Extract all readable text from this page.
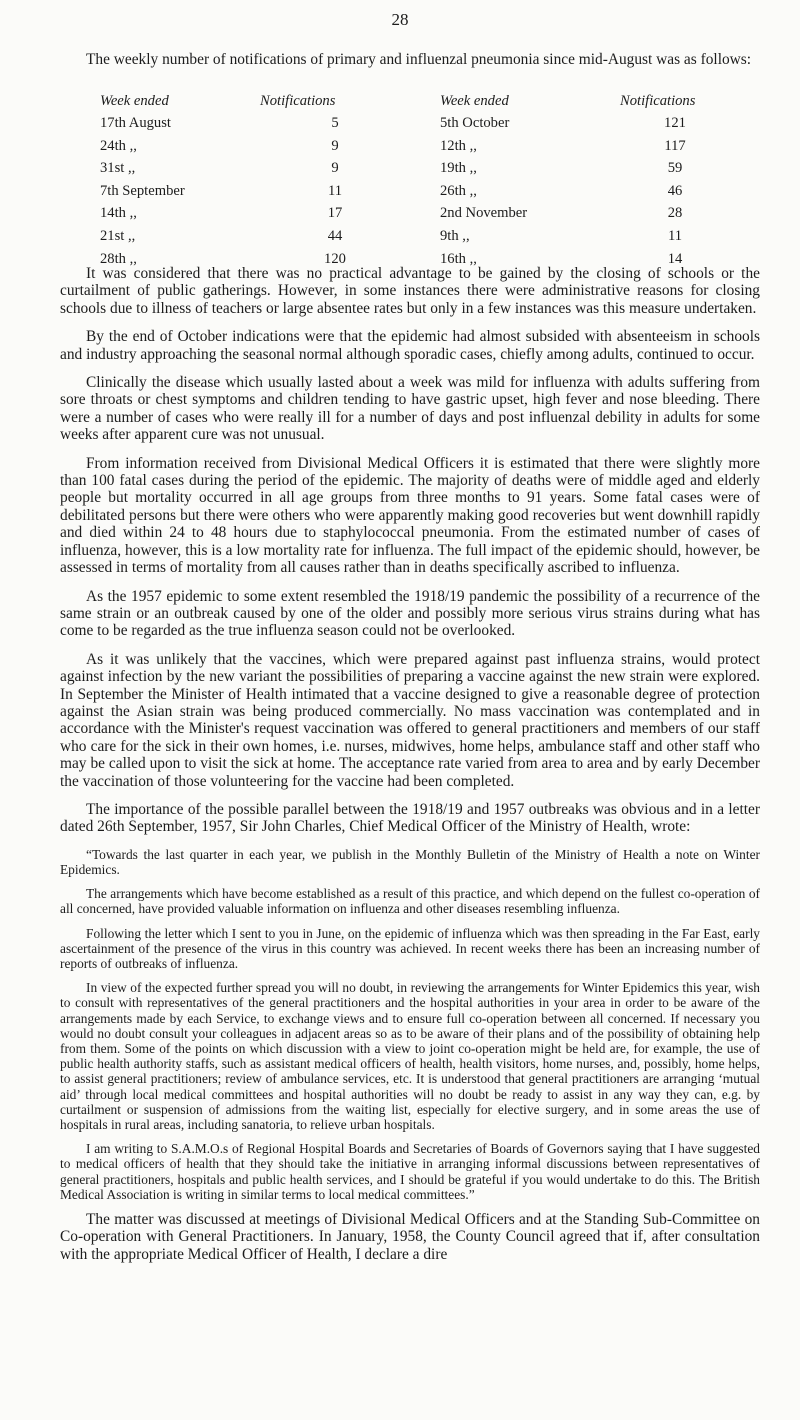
28

The weekly number of notifications of primary and influenzal pneumonia since mid-August was as follows:

Week ended	Notifications	Week ended	Notifications
17th August	5	5th October	121
24th ,,	9	12th ,,	117
31st ,,	9	19th ,,	59
7th September	11	26th ,,	46
14th ,,	17	2nd November	28
21st ,,	44	9th ,,	11
28th ,,	120	16th ,,	14

It was considered that there was no practical advantage to be gained by the closing of schools or the curtailment of public gatherings. However, in some instances there were administrative reasons for closing schools due to illness of teachers or large absentee rates but only in a few instances was this measure undertaken.

By the end of October indications were that the epidemic had almost subsided with absenteeism in schools and industry approaching the seasonal normal although sporadic cases, chiefly among adults, continued to occur.

Clinically the disease which usually lasted about a week was mild for influenza with adults suffering from sore throats or chest symptoms and children tending to have gastric upset, high fever and nose bleeding. There were a number of cases who were really ill for a number of days and post influenzal debility in adults for some weeks after apparent cure was not unusual.

From information received from Divisional Medical Officers it is estimated that there were slightly more than 100 fatal cases during the period of the epidemic. The majority of deaths were of middle aged and elderly people but mortality occurred in all age groups from three months to 91 years. Some fatal cases were of debilitated persons but there were others who were apparently making good recoveries but went downhill rapidly and died within 24 to 48 hours due to staphylococcal pneumonia. From the estimated number of cases of influenza, however, this is a low mortality rate for influenza. The full impact of the epidemic should, however, be assessed in terms of mortality from all causes rather than in deaths specifically ascribed to influenza.

As the 1957 epidemic to some extent resembled the 1918/19 pandemic the possibility of a recurrence of the same strain or an outbreak caused by one of the older and possibly more serious virus strains during what has come to be regarded as the true influenza season could not be overlooked.

As it was unlikely that the vaccines, which were prepared against past influenza strains, would protect against infection by the new variant the possibilities of preparing a vaccine against the new strain were explored. In September the Minister of Health intimated that a vaccine designed to give a reasonable degree of protection against the Asian strain was being produced commercially. No mass vaccination was contemplated and in accordance with the Minister's request vaccination was offered to general practitioners and members of our staff who care for the sick in their own homes, i.e. nurses, midwives, home helps, ambulance staff and other staff who may be called upon to visit the sick at home. The acceptance rate varied from area to area and by early December the vaccination of those volunteering for the vaccine had been completed.

The importance of the possible parallel between the 1918/19 and 1957 outbreaks was obvious and in a letter dated 26th September, 1957, Sir John Charles, Chief Medical Officer of the Ministry of Health, wrote:

“Towards the last quarter in each year, we publish in the Monthly Bulletin of the Ministry of Health a note on Winter Epidemics.

The arrangements which have become established as a result of this practice, and which depend on the fullest co-operation of all concerned, have provided valuable information on influenza and other diseases resembling influenza.

Following the letter which I sent to you in June, on the epidemic of influenza which was then spreading in the Far East, early ascertainment of the presence of the virus in this country was achieved. In recent weeks there has been an increasing number of reports of outbreaks of influenza.

In view of the expected further spread you will no doubt, in reviewing the arrangements for Winter Epidemics this year, wish to consult with representatives of the general practitioners and the hospital authorities in your area in order to be aware of the arrangements made by each Service, to exchange views and to ensure full co-operation between all concerned. If necessary you would no doubt consult your colleagues in adjacent areas so as to be aware of their plans and of the possibility of obtaining help from them. Some of the points on which discussion with a view to joint co-operation might be held are, for example, the use of public health authority staffs, such as assistant medical officers of health, health visitors, home nurses, and, possibly, home helps, to assist general practitioners; review of ambulance services, etc. It is understood that general practitioners are arranging ‘mutual aid’ through local medical committees and hospital authorities will no doubt be ready to assist in any way they can, e.g. by curtailment or suspension of admissions from the waiting list, especially for elective surgery, and in some areas the use of hospitals in rural areas, including sanatoria, to relieve urban hospitals.

I am writing to S.A.M.O.s of Regional Hospital Boards and Secretaries of Boards of Governors saying that I have suggested to medical officers of health that they should take the initiative in arranging informal discussions between representatives of general practitioners, hospitals and public health services, and I should be grateful if you would undertake to do this. The British Medical Association is writing in similar terms to local medical committees.”

The matter was discussed at meetings of Divisional Medical Officers and at the Standing Sub-Committee on Co-operation with General Practitioners. In January, 1958, the County Council agreed that if, after consultation with the appropriate Medical Officer of Health, I declare a dire
